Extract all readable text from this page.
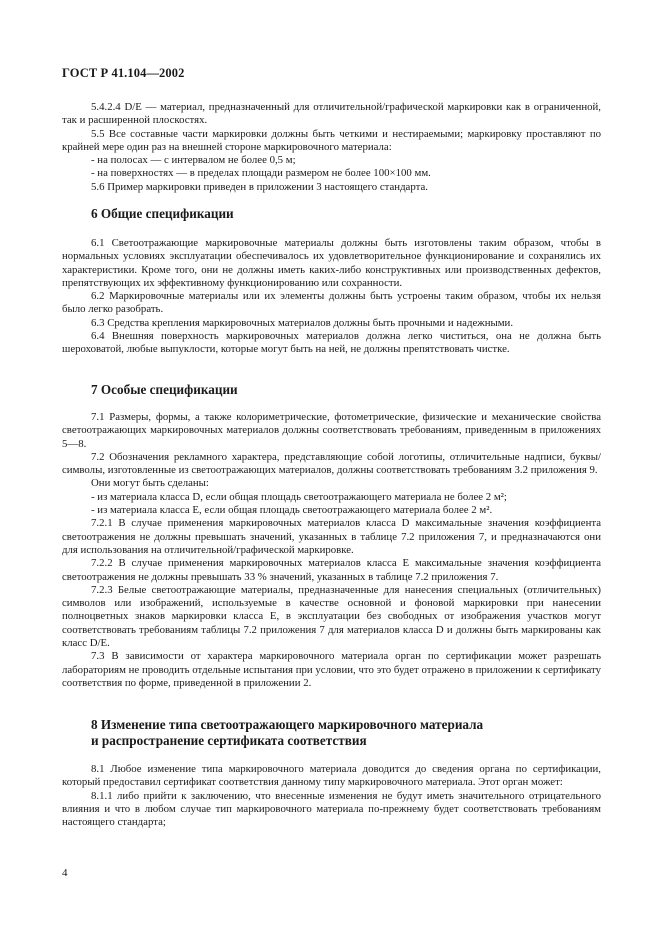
ГОСТ Р 41.104—2002

5.4.2.4 D/E — материал, предназначенный для отличительной/графической маркировки как в ограниченной, так и расширенной плоскостях.

5.5 Все составные части маркировки должны быть четкими и нестираемыми; маркировку проставляют по крайней мере один раз на внешней стороне маркировочного материала:

- на полосах — с интервалом не более 0,5 м;

- на поверхностях — в пределах площади размером не более 100×100 мм.

5.6 Пример маркировки приведен в приложении 3 настоящего стандарта.

6 Общие спецификации

6.1 Светоотражающие маркировочные материалы должны быть изготовлены таким образом, чтобы в нормальных условиях эксплуатации обеспечивалось их удовлетворительное функционирование и сохранялись их характеристики. Кроме того, они не должны иметь каких-либо конструктивных или производственных дефектов, препятствующих их эффективному функционированию или сохранности.

6.2 Маркировочные материалы или их элементы должны быть устроены таким образом, чтобы их нельзя было легко разобрать.

6.3 Средства крепления маркировочных материалов должны быть прочными и надежными.

6.4 Внешняя поверхность маркировочных материалов должна легко чиститься, она не должна быть шероховатой, любые выпуклости, которые могут быть на ней, не должны препятствовать чистке.

7 Особые спецификации

7.1 Размеры, формы, а также колориметрические, фотометрические, физические и механические свойства светоотражающих маркировочных материалов должны соответствовать требованиям, приведенным в приложениях 5—8.

7.2 Обозначения рекламного характера, представляющие собой логотипы, отличительные надписи, буквы/символы, изготовленные из светоотражающих материалов, должны соответствовать требованиям 3.2 приложения 9.

Они могут быть сделаны:

- из материала класса D, если общая площадь светоотражающего материала не более 2 м²;

- из материала класса Е, если общая площадь светоотражающего материала более 2 м².

7.2.1 В случае применения маркировочных материалов класса D максимальные значения коэффициента светоотражения не должны превышать значений, указанных в таблице 7.2 приложения 7, и предназначаются они для использования на отличительной/графической маркировке.

7.2.2 В случае применения маркировочных материалов класса Е максимальные значения коэффициента светоотражения не должны превышать 33 % значений, указанных в таблице 7.2 приложения 7.

7.2.3 Белые светоотражающие материалы, предназначенные для нанесения специальных (отличительных) символов или изображений, используемые в качестве основной и фоновой маркировки при нанесении полноцветных знаков маркировки класса Е, в эксплуатации без свободных от изображения участков могут соответствовать требованиям таблицы 7.2 приложения 7 для материалов класса D и должны быть маркированы как класс D/E.

7.3 В зависимости от характера маркировочного материала орган по сертификации может разрешать лабораториям не проводить отдельные испытания при условии, что это будет отражено в приложении к сертификату соответствия по форме, приведенной в приложении 2.

8 Изменение типа светоотражающего маркировочного материала

и распространение сертификата соответствия

8.1 Любое изменение типа маркировочного материала доводится до сведения органа по сертификации, который предоставил сертификат соответствия данному типу маркировочного материала. Этот орган может:

8.1.1 либо прийти к заключению, что внесенные изменения не будут иметь значительного отрицательного влияния и что в любом случае тип маркировочного материала по-прежнему будет соответствовать требованиям настоящего стандарта;

4
